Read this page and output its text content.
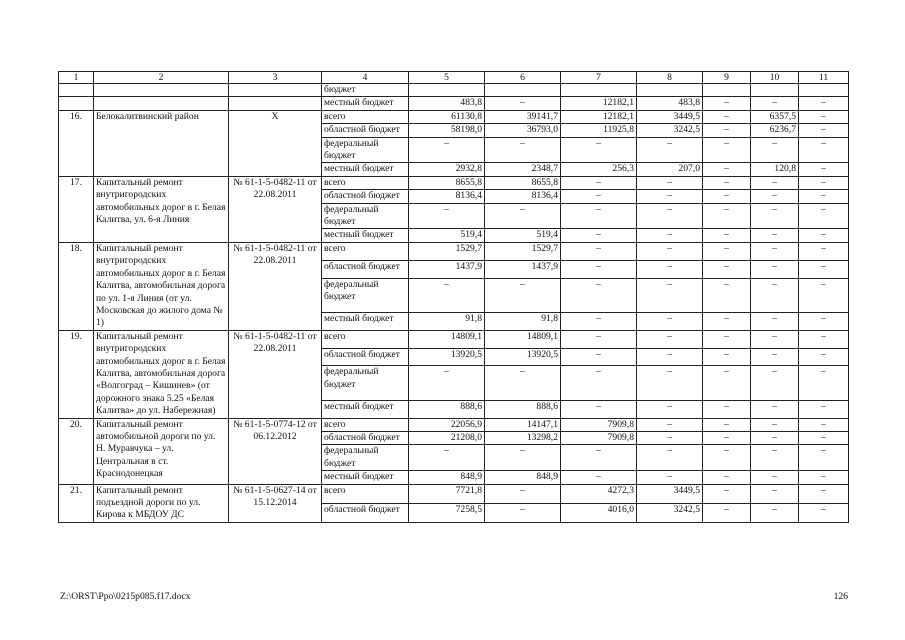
1	2	3	4	5	6	7	8	9	10	11
			бюджет							
			местный бюджет	483,8	–	12182,1	483,8	–	–	–
16.	Белокалитвинский район	Х	всего	61130,8	39141,7	12182,1	3449,5	–	6357,5	–
			областной бюджет	58198,0	36793,0	11925,8	3242,5	–	6236,7	–
			федеральный бюджет	–	–	–	–	–	–	–
			местный бюджет	2932,8	2348,7	256,3	207,0	–	120,8	–
17.	Капитальный ремонт внутригородских автомобильных дорог в г. Белая Калитва, ул. 6-я Линия	№ 61-1-5-0482-11 от 22.08.2011	всего	8655,8	8655,8	–	–	–	–	–
			областной бюджет	8136,4	8136,4	–	–	–	–	–
			федеральный бюджет	–	–	–	–	–	–	–
			местный бюджет	519,4	519,4	–	–	–	–	–
18.	Капитальный ремонт внутригородских автомобильных дорог в г. Белая Калитва, автомобильная дорога по ул. 1-я Линия (от ул. Московская до жилого дома № 1)	№ 61-1-5-0482-11 от 22.08.2011	всего	1529,7	1529,7	–	–	–	–	–
			областной бюджет	1437,9	1437,9	–	–	–	–	–
			федеральный бюджет	–	–	–	–	–	–	–
			местный бюджет	91,8	91,8	–	–	–	–	–
19.	Капитальный ремонт внутригородских автомобильных дорог в г. Белая Калитва, автомобильная дорога «Волгоград – Кишинев» (от дорожного знака 5.25 «Белая Калитва» до ул. Набережная)	№ 61-1-5-0482-11 от 22.08.2011	всего	14809,1	14809,1	–	–	–	–	–
			областной бюджет	13920,5	13920,5	–	–	–	–	–
			федеральный бюджет	–	–	–	–	–	–	–
			местный бюджет	888,6	888,6	–	–	–	–	–
20.	Капитальный ремонт автомобильной дороги по ул. Н. Муравчука – ул. Центральная в ст. Краснодонецкая	№ 61-1-5-0774-12 от 06.12.2012	всего	22056,9	14147,1	7909,8	–	–	–	–
			областной бюджет	21208,0	13298,2	7909,8	–	–	–	–
			федеральный бюджет	–	–	–	–	–	–	–
			местный бюджет	848,9	848,9	–	–	–	–	–
21.	Капитальный ремонт подъездной дороги по ул. Кирова к МБДОУ ДС	№ 61-1-5-0627-14 от 15.12.2014	всего	7721,8	–	4272,3	3449,5	–	–	–
			областной бюджет	7258,5	–	4016,0	3242,5	–	–	–
Z:\ORST\Ppo\0215p085.f17.docx	126
